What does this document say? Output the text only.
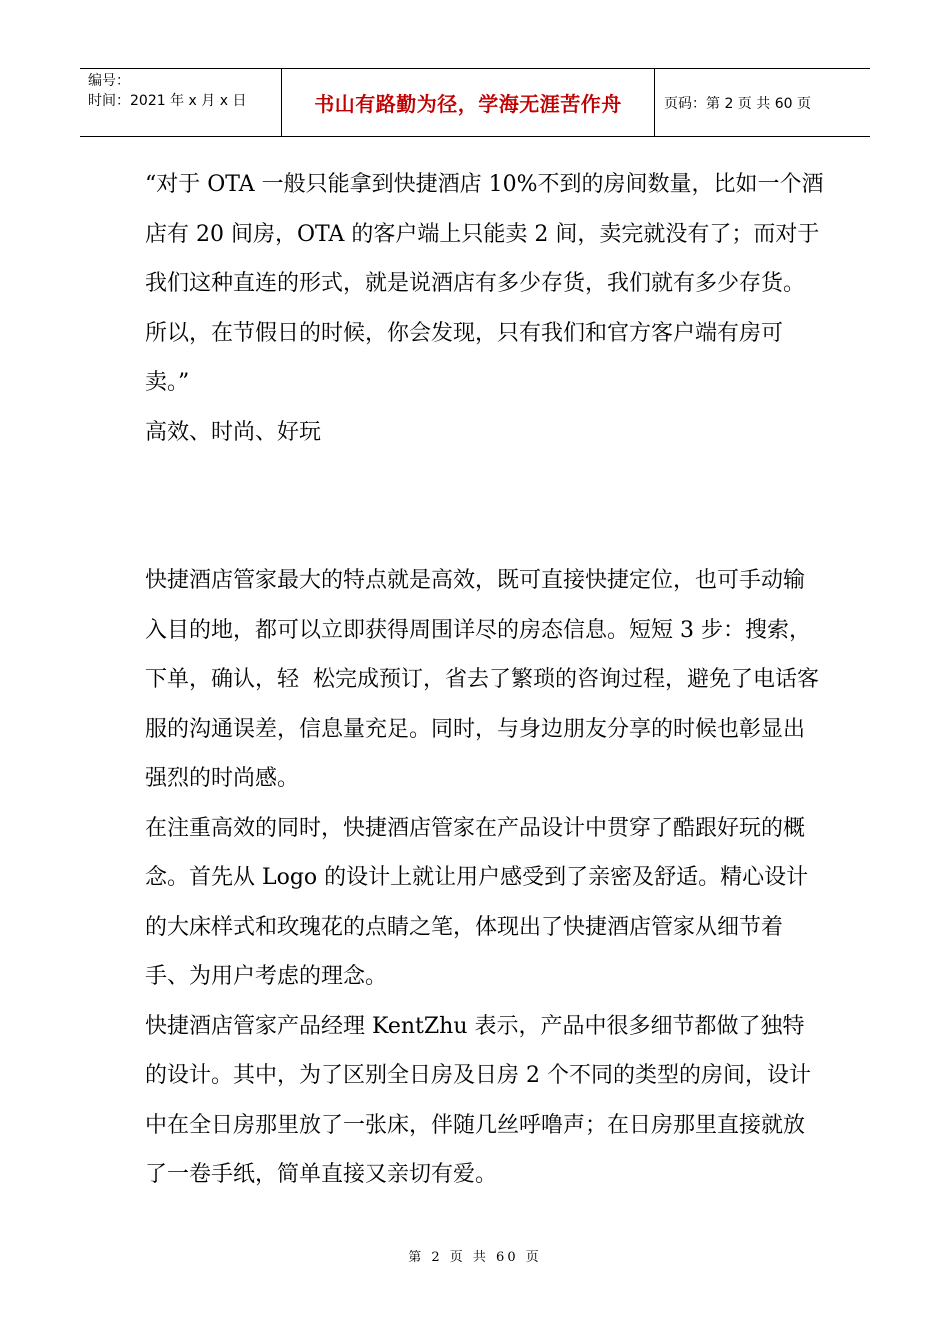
编号：
时间：2021 年 x 月 x 日	书山有路勤为径，学海无涯苦作舟	页码：第 2 页 共 60 页

“对于 OTA 一般只能拿到快捷酒店 10%不到的房间数量，比如一个酒店有 20 间房，OTA 的客户端上只能卖 2 间，卖完就没有了；而对于我们这种直连的形式，就是说酒店有多少存货，我们就有多少存货。所以，在节假日的时候，你会发现，只有我们和官方客户端有房可卖。”

高效、时尚、好玩

快捷酒店管家最大的特点就是高效，既可直接快捷定位，也可手动输入目的地，都可以立即获得周围详尽的房态信息。短短 3 步：搜索，下单，确认，轻  松完成预订，省去了繁琐的咨询过程，避免了电话客服的沟通误差，信息量充足。同时，与身边朋友分享的时候也彰显出强烈的时尚感。

在注重高效的同时，快捷酒店管家在产品设计中贯穿了酷跟好玩的概念。首先从 Logo 的设计上就让用户感受到了亲密及舒适。精心设计的大床样式和玫瑰花的点睛之笔，体现出了快捷酒店管家从细节着手、为用户考虑的理念。

快捷酒店管家产品经理 KentZhu 表示，产品中很多细节都做了独特的设计。其中，为了区别全日房及日房 2 个不同的类型的房间，设计中在全日房那里放了一张床，伴随几丝呼噜声；在日房那里直接就放了一卷手纸，简单直接又亲切有爱。

第 2 页 共 60 页
